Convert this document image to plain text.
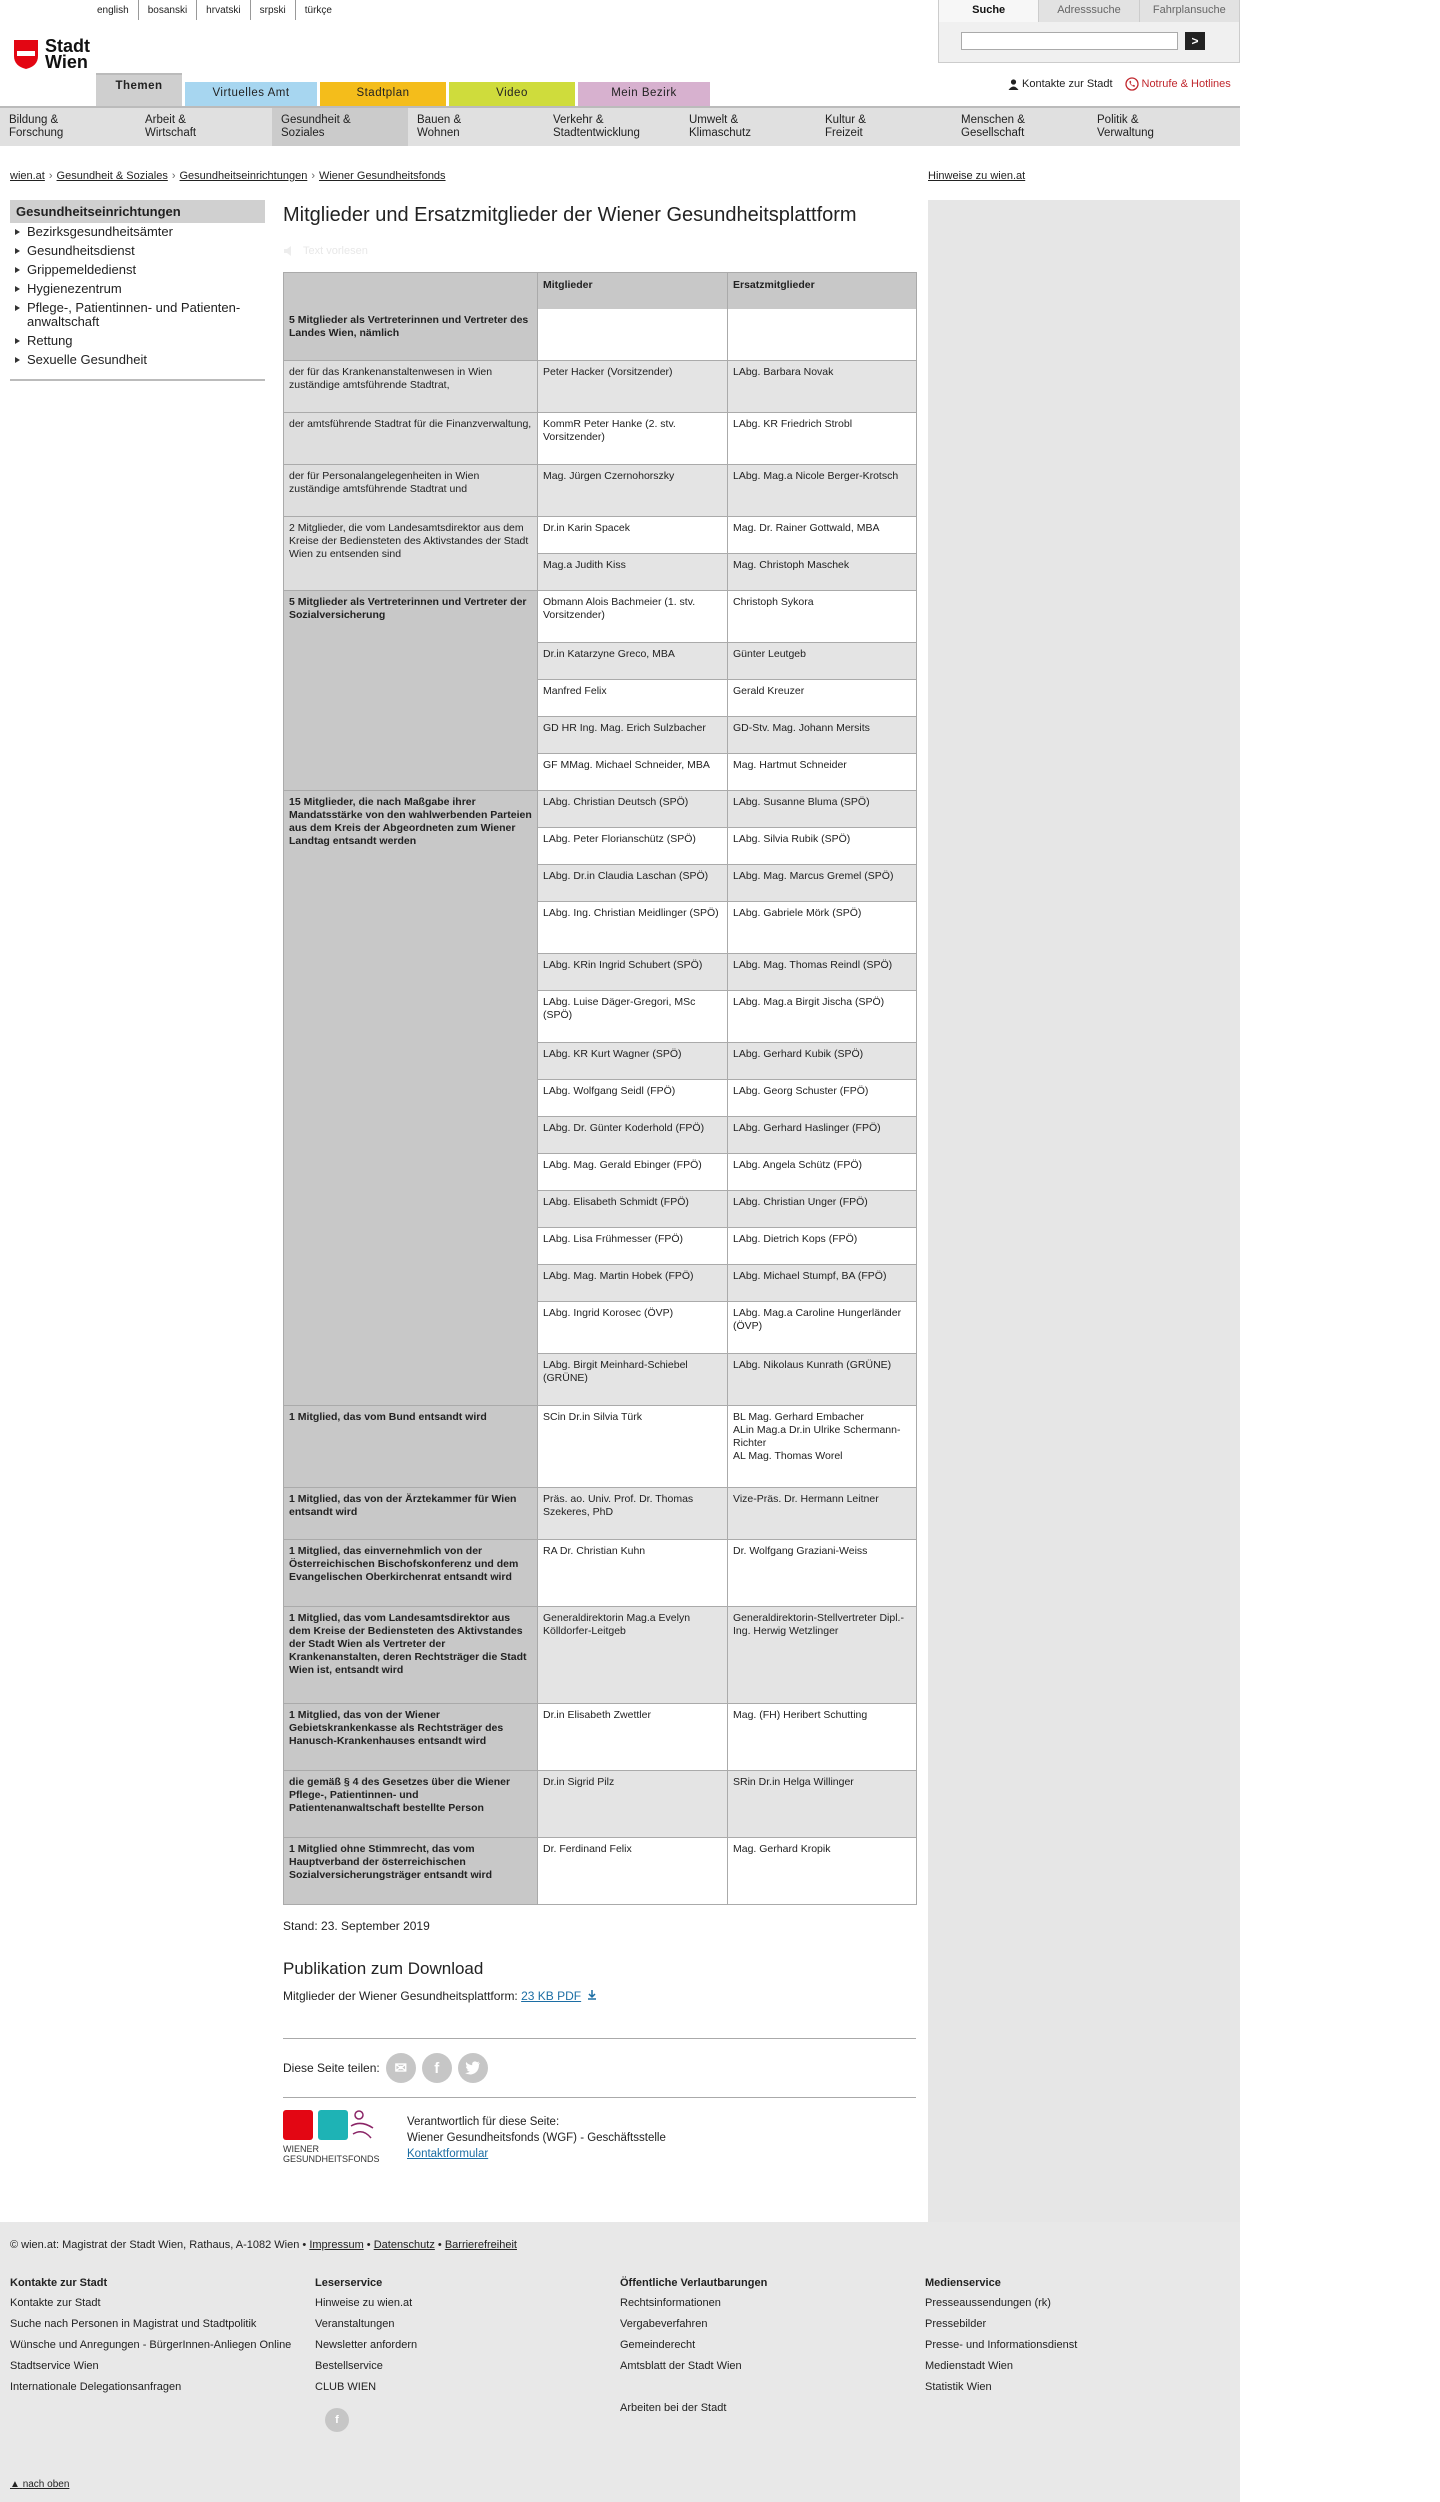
english	bosanski	hrvatski	srpski	türkçe
Stadt
Wien
Suche	Adresssuche	Fahrplansuche
>
Themen
Virtuelles Amt	Stadtplan	Video	Mein Bezirk
Kontakte zur Stadt	Notrufe & Hotlines
Bildung &
Forschung
Arbeit &
Wirtschaft
Gesundheit &
Soziales
Bauen &
Wohnen
Verkehr &
Stadtentwicklung
Umwelt &
Klimaschutz
Kultur &
Freizeit
Menschen &
Gesellschaft
Politik &
Verwaltung
wien.at › Gesundheit & Soziales › Gesundheitseinrichtungen › Wiener Gesundheitsfonds	Hinweise zu wien.at
Gesundheitseinrichtungen
Bezirksgesundheitsämter
Gesundheitsdienst
Grippemeldedienst
Hygienezentrum
Pflege-, Patientinnen- und Patientenanwaltschaft
Rettung
Sexuelle Gesundheit
Mitglieder und Ersatzmitglieder der Wiener Gesundheitsplattform
Text vorlesen
	Mitglieder	Ersatzmitglieder
5 Mitglieder als Vertreterinnen und Vertreter des Landes Wien, nämlich		
der für das Krankenanstaltenwesen in Wien zuständige amtsführende Stadtrat,	Peter Hacker (Vorsitzender)	LAbg. Barbara Novak
der amtsführende Stadtrat für die Finanzverwaltung,	KommR Peter Hanke (2. stv. Vorsitzender)	LAbg. KR Friedrich Strobl
der für Personalangelegenheiten in Wien zuständige amtsführende Stadtrat und	Mag. Jürgen Czernohorszky	LAbg. Mag.a Nicole Berger-Krotsch
2 Mitglieder, die vom Landesamtsdirektor aus dem Kreise der Bediensteten des Aktivstandes der Stadt Wien zu entsenden sind	Dr.in Karin Spacek	Mag. Dr. Rainer Gottwald, MBA
	Mag.a Judith Kiss	Mag. Christoph Maschek
5 Mitglieder als Vertreterinnen und Vertreter der Sozialversicherung	Obmann Alois Bachmeier (1. stv. Vorsitzender)	Christoph Sykora
	Dr.in Katarzyne Greco, MBA	Günter Leutgeb
	Manfred Felix	Gerald Kreuzer
	GD HR Ing. Mag. Erich Sulzbacher	GD-Stv. Mag. Johann Mersits
	GF MMag. Michael Schneider, MBA	Mag. Hartmut Schneider
15 Mitglieder, die nach Maßgabe ihrer Mandatsstärke von den wahlwerbenden Parteien aus dem Kreis der Abgeordneten zum Wiener Landtag entsandt werden	LAbg. Christian Deutsch (SPÖ)	LAbg. Susanne Bluma (SPÖ)
	LAbg. Peter Florianschütz (SPÖ)	LAbg. Silvia Rubik (SPÖ)
	LAbg. Dr.in Claudia Laschan (SPÖ)	LAbg. Mag. Marcus Gremel (SPÖ)
	LAbg. Ing. Christian Meidlinger (SPÖ)	LAbg. Gabriele Mörk (SPÖ)
	LAbg. KRin Ingrid Schubert (SPÖ)	LAbg. Mag. Thomas Reindl (SPÖ)
	LAbg. Luise Däger-Gregori, MSc (SPÖ)	LAbg. Mag.a Birgit Jischa (SPÖ)
	LAbg. KR Kurt Wagner (SPÖ)	LAbg. Gerhard Kubik (SPÖ)
	LAbg. Wolfgang Seidl (FPÖ)	LAbg. Georg Schuster (FPÖ)
	LAbg. Dr. Günter Koderhold (FPÖ)	LAbg. Gerhard Haslinger (FPÖ)
	LAbg. Mag. Gerald Ebinger (FPÖ)	LAbg. Angela Schütz (FPÖ)
	LAbg. Elisabeth Schmidt (FPÖ)	LAbg. Christian Unger (FPÖ)
	LAbg. Lisa Frühmesser (FPÖ)	LAbg. Dietrich Kops (FPÖ)
	LAbg. Mag. Martin Hobek (FPÖ)	LAbg. Michael Stumpf, BA (FPÖ)
	LAbg. Ingrid Korosec (ÖVP)	LAbg. Mag.a Caroline Hungerländer (ÖVP)
	LAbg. Birgit Meinhard-Schiebel (GRÜNE)	LAbg. Nikolaus Kunrath (GRÜNE)
1 Mitglied, das vom Bund entsandt wird	SCin Dr.in Silvia Türk	BL Mag. Gerhard Embacher
ALin Mag.a Dr.in Ulrike Schermann-Richter
AL Mag. Thomas Worel
1 Mitglied, das von der Ärztekammer für Wien entsandt wird	Präs. ao. Univ. Prof. Dr. Thomas Szekeres, PhD	Vize-Präs. Dr. Hermann Leitner
1 Mitglied, das einvernehmlich von der Österreichischen Bischofskonferenz und dem Evangelischen Oberkirchenrat entsandt wird	RA Dr. Christian Kuhn	Dr. Wolfgang Graziani-Weiss
1 Mitglied, das vom Landesamtsdirektor aus dem Kreise der Bediensteten des Aktivstandes der Stadt Wien als Vertreter der Krankenanstalten, deren Rechtsträger die Stadt Wien ist, entsandt wird	Generaldirektorin Mag.a Evelyn Kölldorfer-Leitgeb	Generaldirektorin-Stellvertreter Dipl.-Ing. Herwig Wetzlinger
1 Mitglied, das von der Wiener Gebietskrankenkasse als Rechtsträger des Hanusch-Krankenhauses entsandt wird	Dr.in Elisabeth Zwettler	Mag. (FH) Heribert Schutting
die gemäß § 4 des Gesetzes über die Wiener Pflege-, Patientinnen- und Patientenanwaltschaft bestellte Person	Dr.in Sigrid Pilz	SRin Dr.in Helga Willinger
1 Mitglied ohne Stimmrecht, das vom Hauptverband der österreichischen Sozialversicherungsträger entsandt wird	Dr. Ferdinand Felix	Mag. Gerhard Kropik
Stand: 23. September 2019
Publikation zum Download
Mitglieder der Wiener Gesundheitsplattform: 23 KB PDF
Diese Seite teilen: ✉	f
WIENER
GESUNDHEITSFONDS
Verantwortlich für diese Seite:
Wiener Gesundheitsfonds (WGF) - Geschäftsstelle
Kontaktformular
© wien.at: Magistrat der Stadt Wien, Rathaus, A-1082 Wien • Impressum • Datenschutz • Barrierefreiheit
Kontakte zur Stadt
Kontakte zur Stadt
Suche nach Personen in Magistrat und Stadtpolitik
Wünsche und Anregungen - BürgerInnen-Anliegen Online
Stadtservice Wien
Internationale Delegationsanfragen
Leserservice
Hinweise zu wien.at
Veranstaltungen
Newsletter anfordern
Bestellservice
CLUB WIEN
f
Öffentliche Verlautbarungen
Rechtsinformationen
Vergabeverfahren
Gemeinderecht
Amtsblatt der Stadt Wien
Arbeiten bei der Stadt
Medienservice
Presseaussendungen (rk)
Pressebilder
Presse- und Informationsdienst
Medienstadt Wien
Statistik Wien
▲ nach oben
